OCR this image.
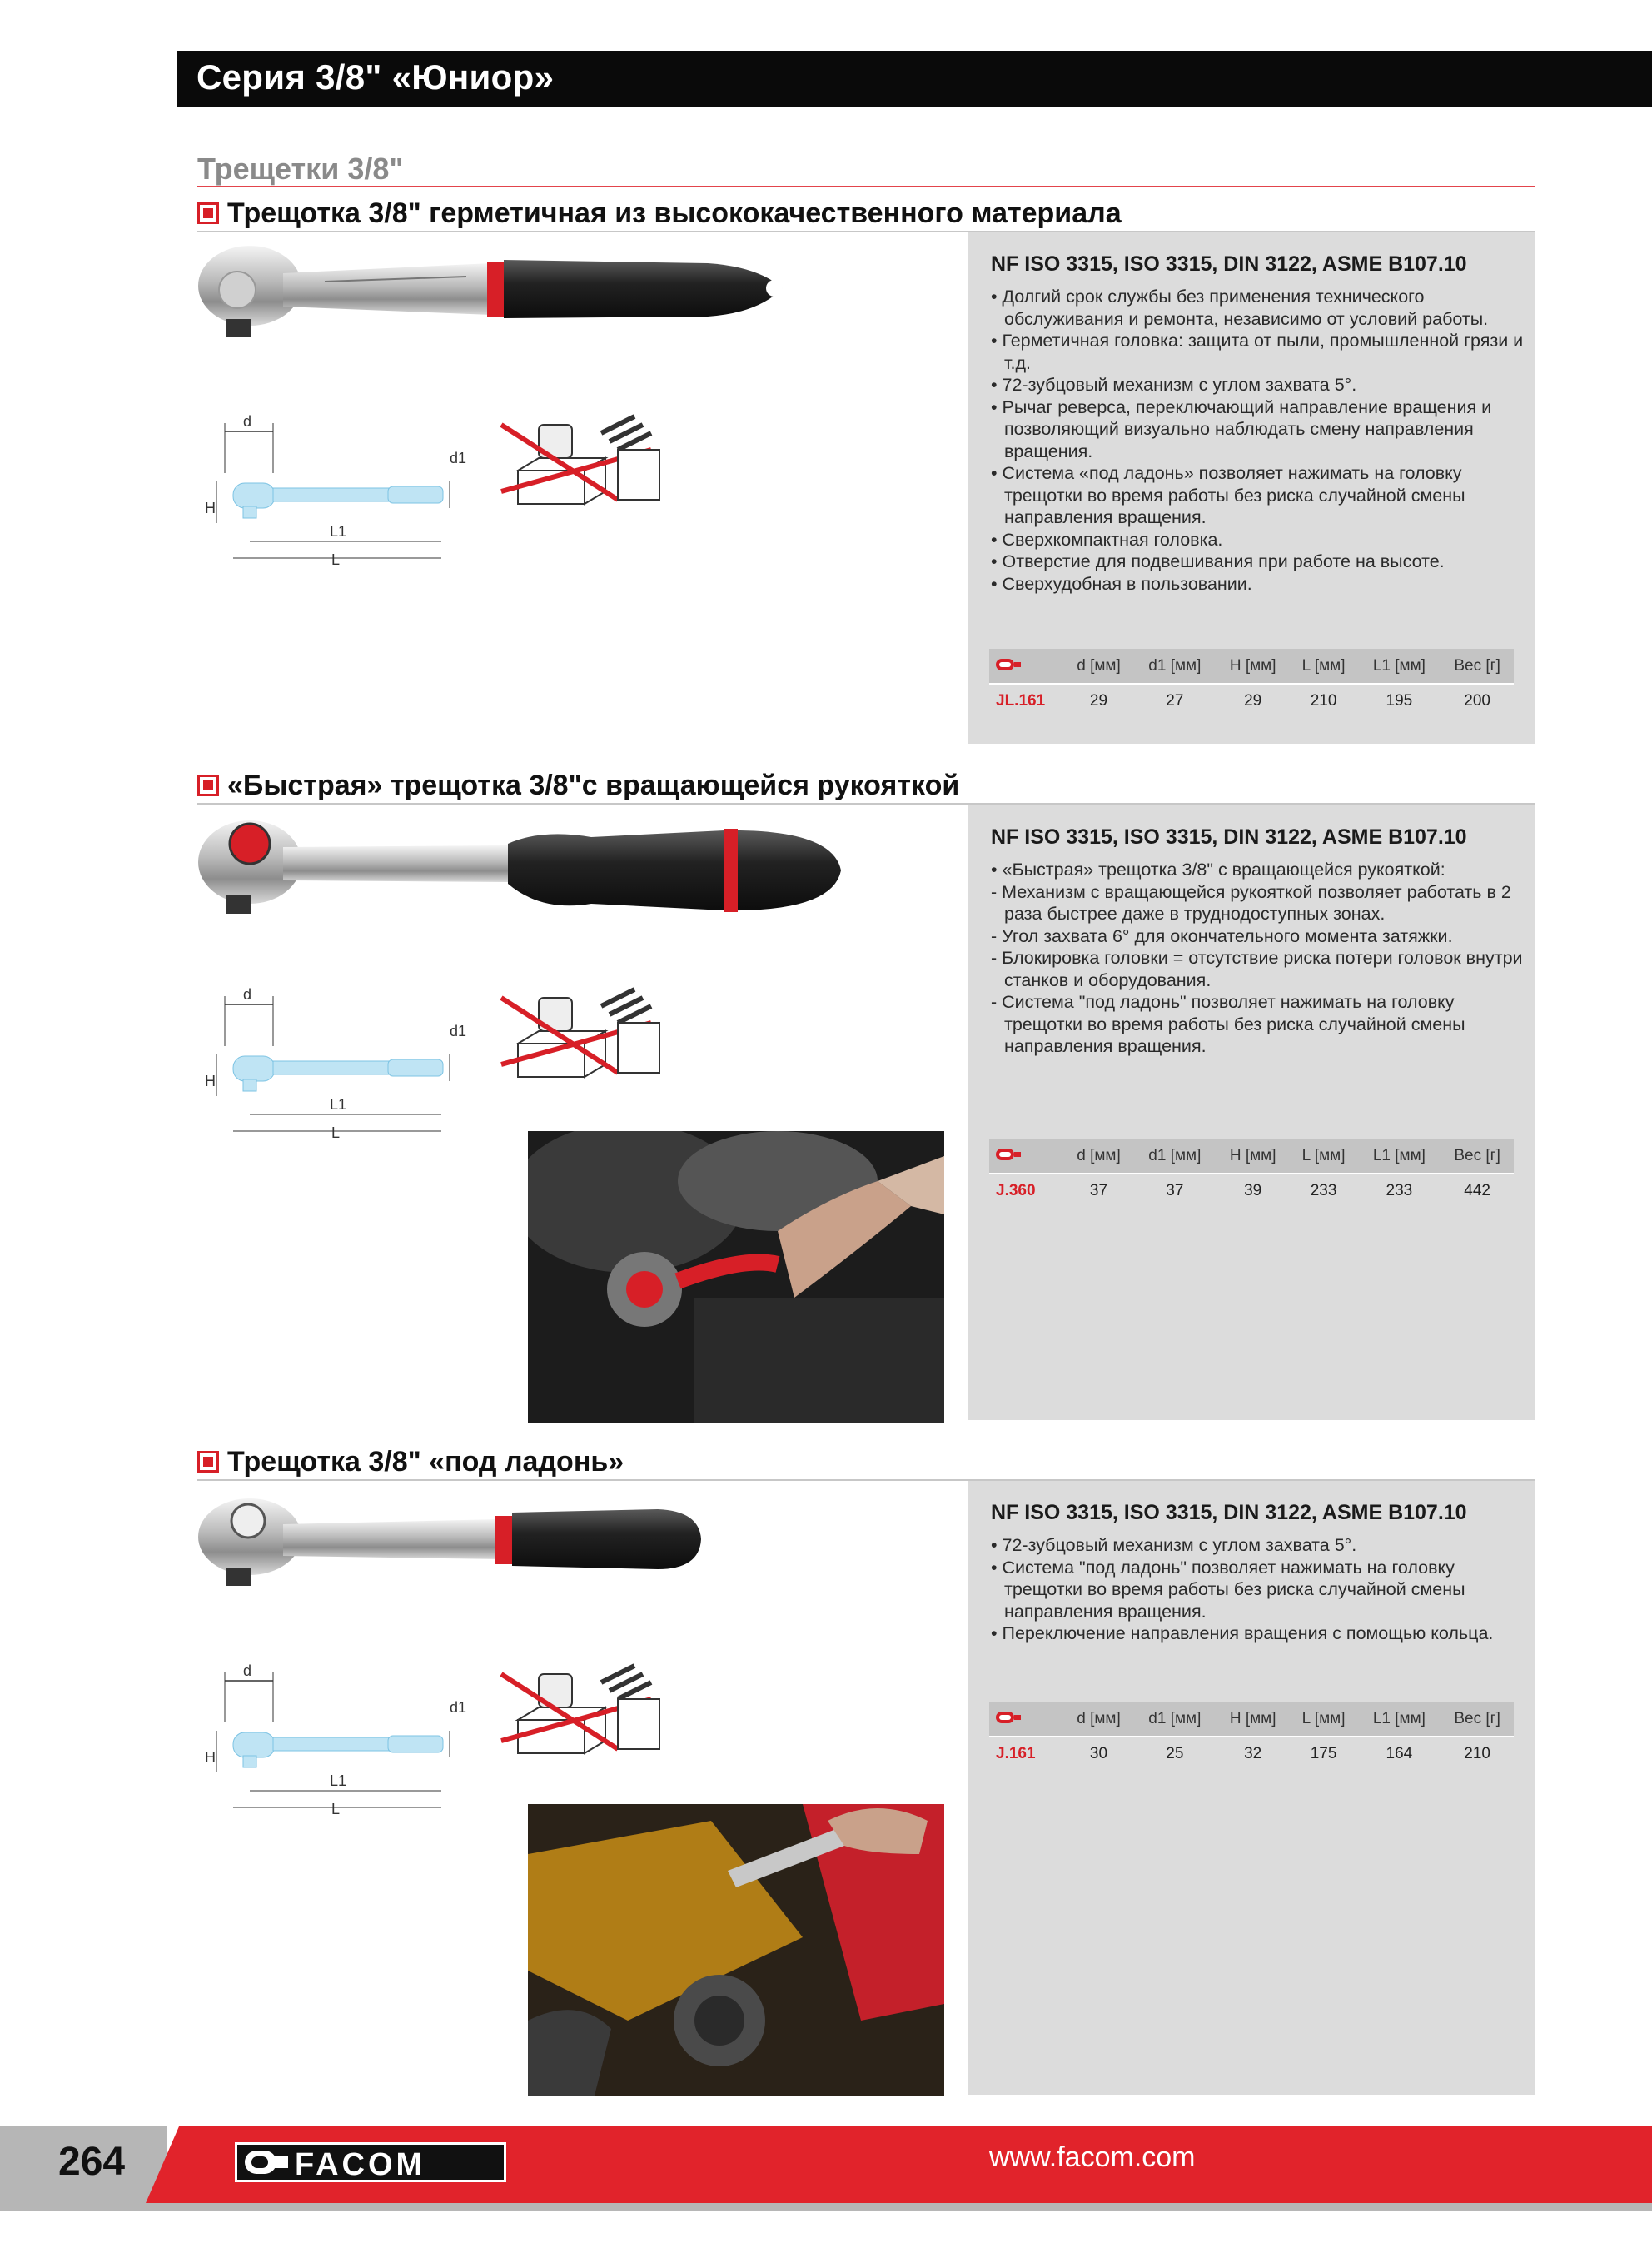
Серия 3/8" «Юниор»
Трещетки 3/8"
Трещотка 3/8" герметичная из высококачественного материала
d
d1
H
L1
L
NF ISO 3315, ISO 3315, DIN 3122, ASME B107.10
• Долгий срок службы без применения технического обслуживания и ремонта, независимо от условий работы.
• Герметичная головка: защита от пыли, промышленной грязи и т.д.
• 72-зубцовый механизм с углом захвата 5°.
• Рычаг реверса, переключающий направление вращения и позволяющий визуально наблюдать смену направления вращения.
• Система «под ладонь» позволяет нажимать на головку трещотки во время работы без риска случайной смены направления вращения.
• Сверхкомпактная головка.
• Отверстие для подвешивания при работе на высоте.
• Сверхудобная в пользовании.
	d [мм]	d1 [мм]	H [мм]	L [мм]	L1 [мм]	Вес [г]
JL.161	29	27	29	210	195	200
«Быстрая» трещотка 3/8"с вращающейся рукояткой
d
d1
H
L1
L
NF ISO 3315, ISO 3315, DIN 3122, ASME B107.10
• «Быстрая» трещотка 3/8" с вращающейся рукояткой:
- Механизм с вращающейся рукояткой позволяет работать в 2 раза быстрее даже в труднодоступных зонах.
- Угол захвата 6° для окончательного момента затяжки.
- Блокировка головки = отсутствие риска потери головок внутри станков и оборудования.
- Система "под ладонь" позволяет нажимать на головку трещотки во время работы без риска случайной смены направления вращения.
	d [мм]	d1 [мм]	H [мм]	L [мм]	L1 [мм]	Вес [г]
J.360	37	37	39	233	233	442
Трещотка 3/8" «под ладонь»
d
d1
H
L1
L
NF ISO 3315, ISO 3315, DIN 3122, ASME B107.10
• 72-зубцовый механизм с углом захвата 5°.
• Система "под ладонь" позволяет нажимать на головку трещотки во время работы без риска случайной смены направления вращения.
• Переключение направления вращения с помощью кольца.
	d [мм]	d1 [мм]	H [мм]	L [мм]	L1 [мм]	Вес [г]
J.161	30	25	32	175	164	210
264	FACOM	www.facom.com
